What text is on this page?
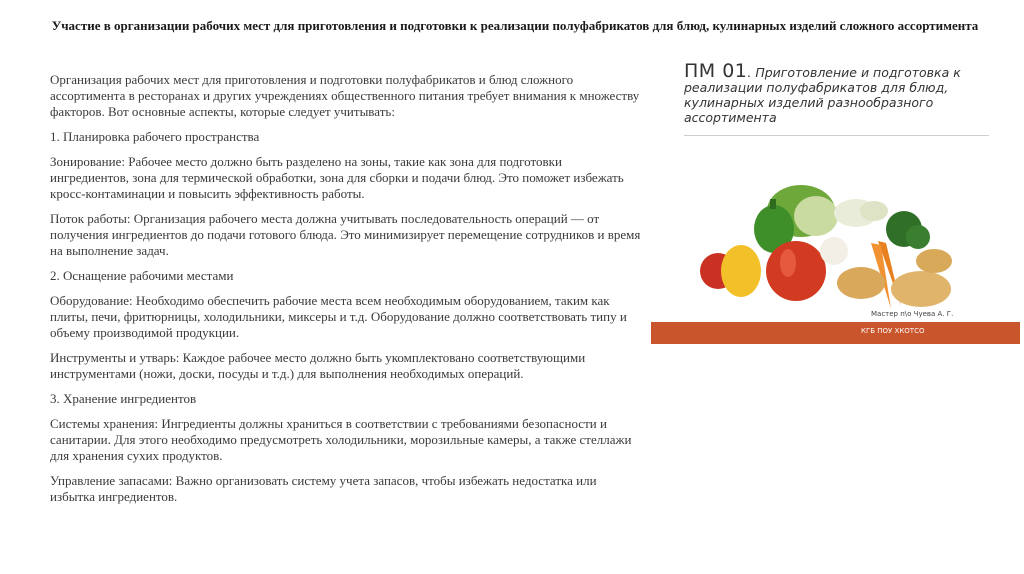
Участие в организации рабочих мест для приготовления и подготовки к реализации полуфабрикатов для блюд, кулинарных изделий сложного ассортимента

Организация рабочих мест для приготовления и подготовки полуфабрикатов и блюд сложного ассортимента в ресторанах и других учреждениях общественного питания требует внимания к множеству факторов. Вот основные аспекты, которые следует учитывать:

1. Планировка рабочего пространства

Зонирование: Рабочее место должно быть разделено на зоны, такие как зона для подготовки ингредиентов, зона для термической обработки, зона для сборки и подачи блюд. Это поможет избежать кросс-контаминации и повысить эффективность работы.

Поток работы: Организация рабочего места должна учитывать последовательность операций — от получения ингредиентов до подачи готового блюда. Это минимизирует перемещение сотрудников и время на выполнение задач.

2. Оснащение рабочими местами

Оборудование: Необходимо обеспечить рабочие места всем необходимым оборудованием, таким как плиты, печи, фритюрницы, холодильники, миксеры и т.д. Оборудование должно соответствовать типу и объему производимой продукции.

Инструменты и утварь: Каждое рабочее место должно быть укомплектовано соответствующими инструментами (ножи, доски, посуды и т.д.) для выполнения необходимых операций.

3. Хранение ингредиентов

Системы хранения: Ингредиенты должны храниться в соответствии с требованиями безопасности и санитарии. Для этого необходимо предусмотреть холодильники, морозильные камеры, а также стеллажи для хранения сухих продуктов.

Управление запасами: Важно организовать систему учета запасов, чтобы избежать недостатка или избытка ингредиентов.

ПМ 01. Приготовление и подготовка к реализации полуфабрикатов для блюд, кулинарных изделий разнообразного ассортимента
Мастер п\о Чуева А. Г.
КГБ ПОУ ХКОТСО
